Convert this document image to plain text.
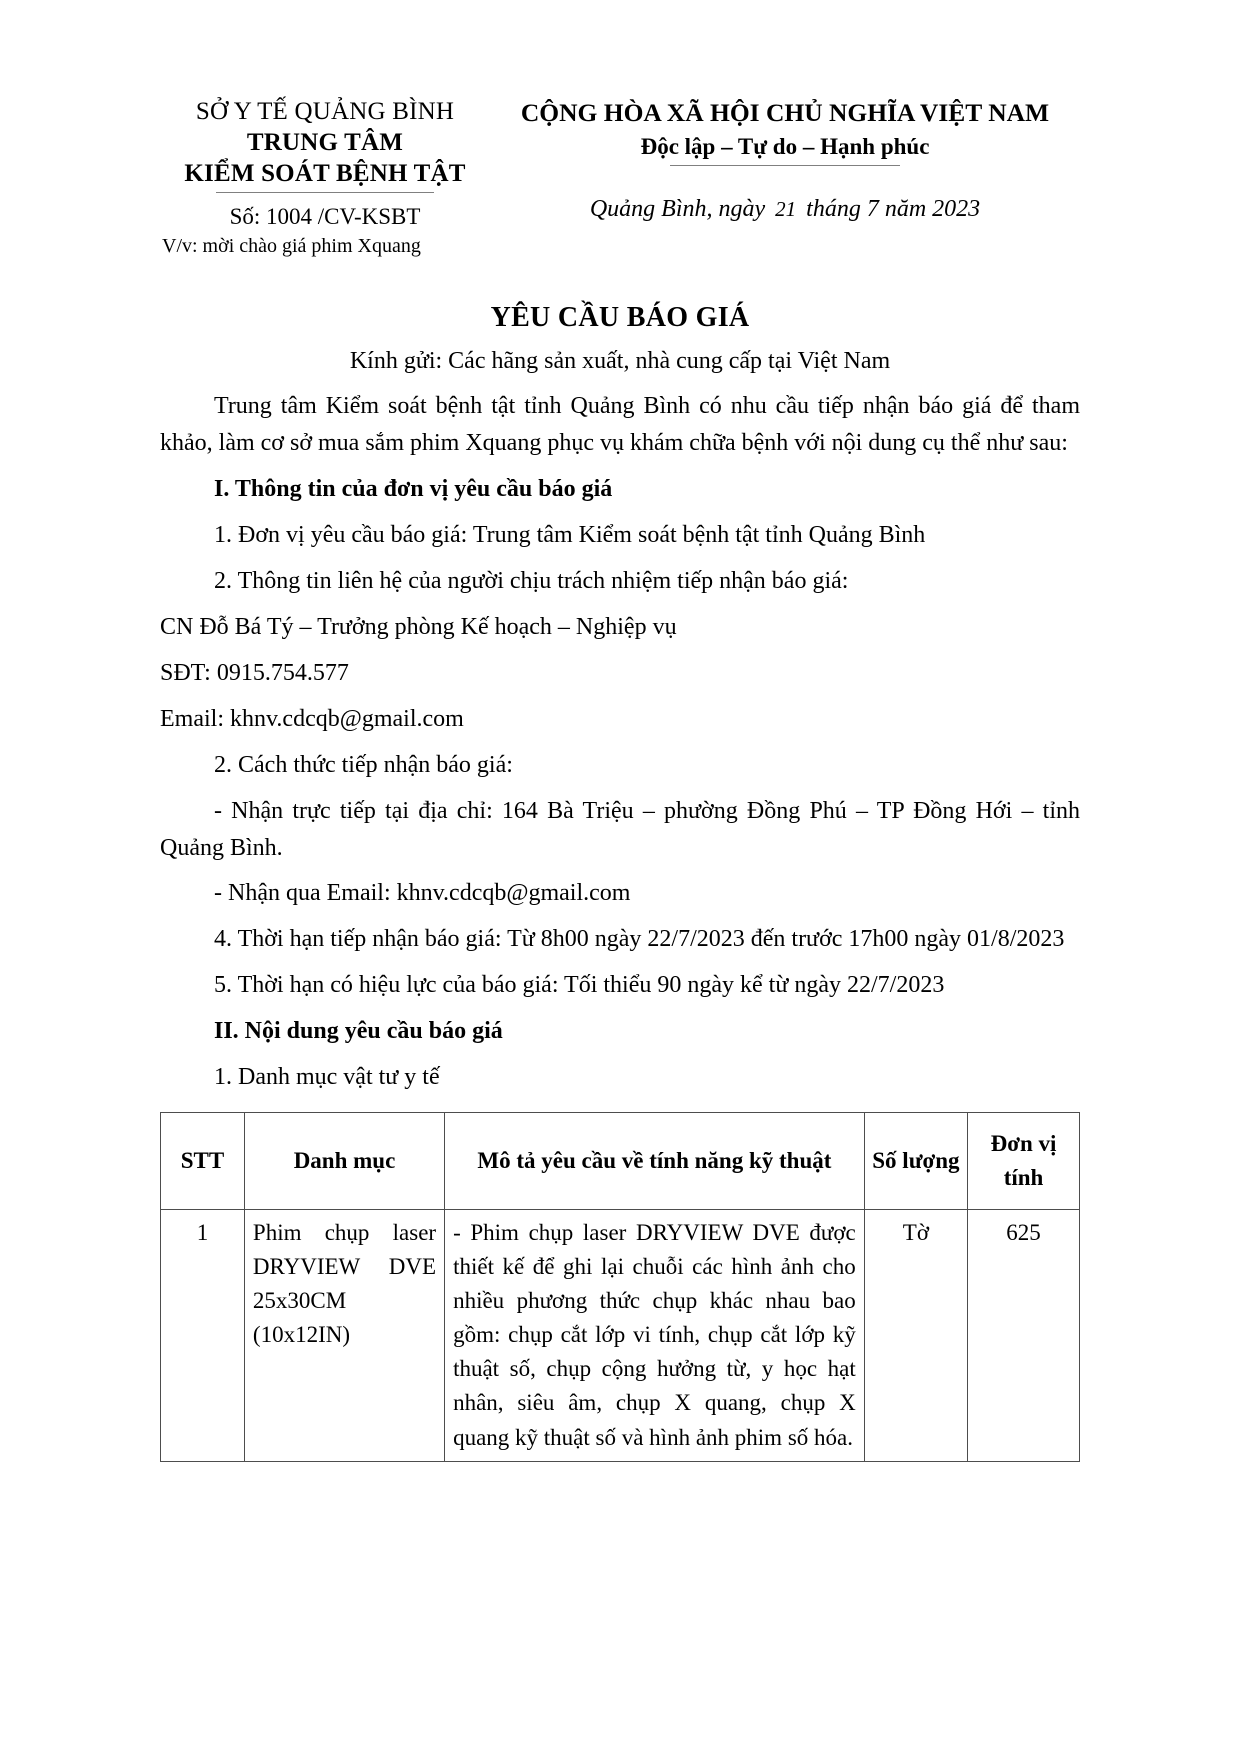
SỞ Y TẾ QUẢNG BÌNH
TRUNG TÂM
KIỂM SOÁT BỆNH TẬT
Số: 1004 /CV-KSBT
CỘNG HÒA XÃ HỘI CHỦ NGHĨA VIỆT NAM
Độc lập – Tự do – Hạnh phúc
Quảng Bình, ngày 21 tháng 7 năm 2023
V/v: mời chào giá phim Xquang
YÊU CẦU BÁO GIÁ
Kính gửi: Các hãng sản xuất, nhà cung cấp tại Việt Nam
Trung tâm Kiểm soát bệnh tật tỉnh Quảng Bình có nhu cầu tiếp nhận báo giá để tham khảo, làm cơ sở mua sắm phim Xquang phục vụ khám chữa bệnh với nội dung cụ thể như sau:
I. Thông tin của đơn vị yêu cầu báo giá
1. Đơn vị yêu cầu báo giá: Trung tâm Kiểm soát bệnh tật tỉnh Quảng Bình
2. Thông tin liên hệ của người chịu trách nhiệm tiếp nhận báo giá:
CN Đỗ Bá Tý – Trưởng phòng Kế hoạch – Nghiệp vụ
SĐT: 0915.754.577
Email: khnv.cdcqb@gmail.com
2. Cách thức tiếp nhận báo giá:
- Nhận trực tiếp tại địa chỉ: 164 Bà Triệu – phường Đồng Phú – TP Đồng Hới – tỉnh Quảng Bình.
- Nhận qua Email: khnv.cdcqb@gmail.com
4. Thời hạn tiếp nhận báo giá: Từ 8h00 ngày 22/7/2023 đến trước 17h00 ngày 01/8/2023
5. Thời hạn có hiệu lực của báo giá: Tối thiểu 90 ngày kể từ ngày 22/7/2023
II. Nội dung yêu cầu báo giá
1. Danh mục vật tư y tế
STT	Danh mục	Mô tả yêu cầu về tính năng kỹ thuật	Số lượng	Đơn vị tính
1	Phim chụp laser DRYVIEW DVE 25x30CM (10x12IN)	- Phim chụp laser DRYVIEW DVE được thiết kế để ghi lại chuỗi các hình ảnh cho nhiều phương thức chụp khác nhau bao gồm: chụp cắt lớp vi tính, chụp cắt lớp kỹ thuật số, chụp cộng hưởng từ, y học hạt nhân, siêu âm, chụp X quang, chụp X quang kỹ thuật số và hình ảnh phim số hóa.	Tờ	625
